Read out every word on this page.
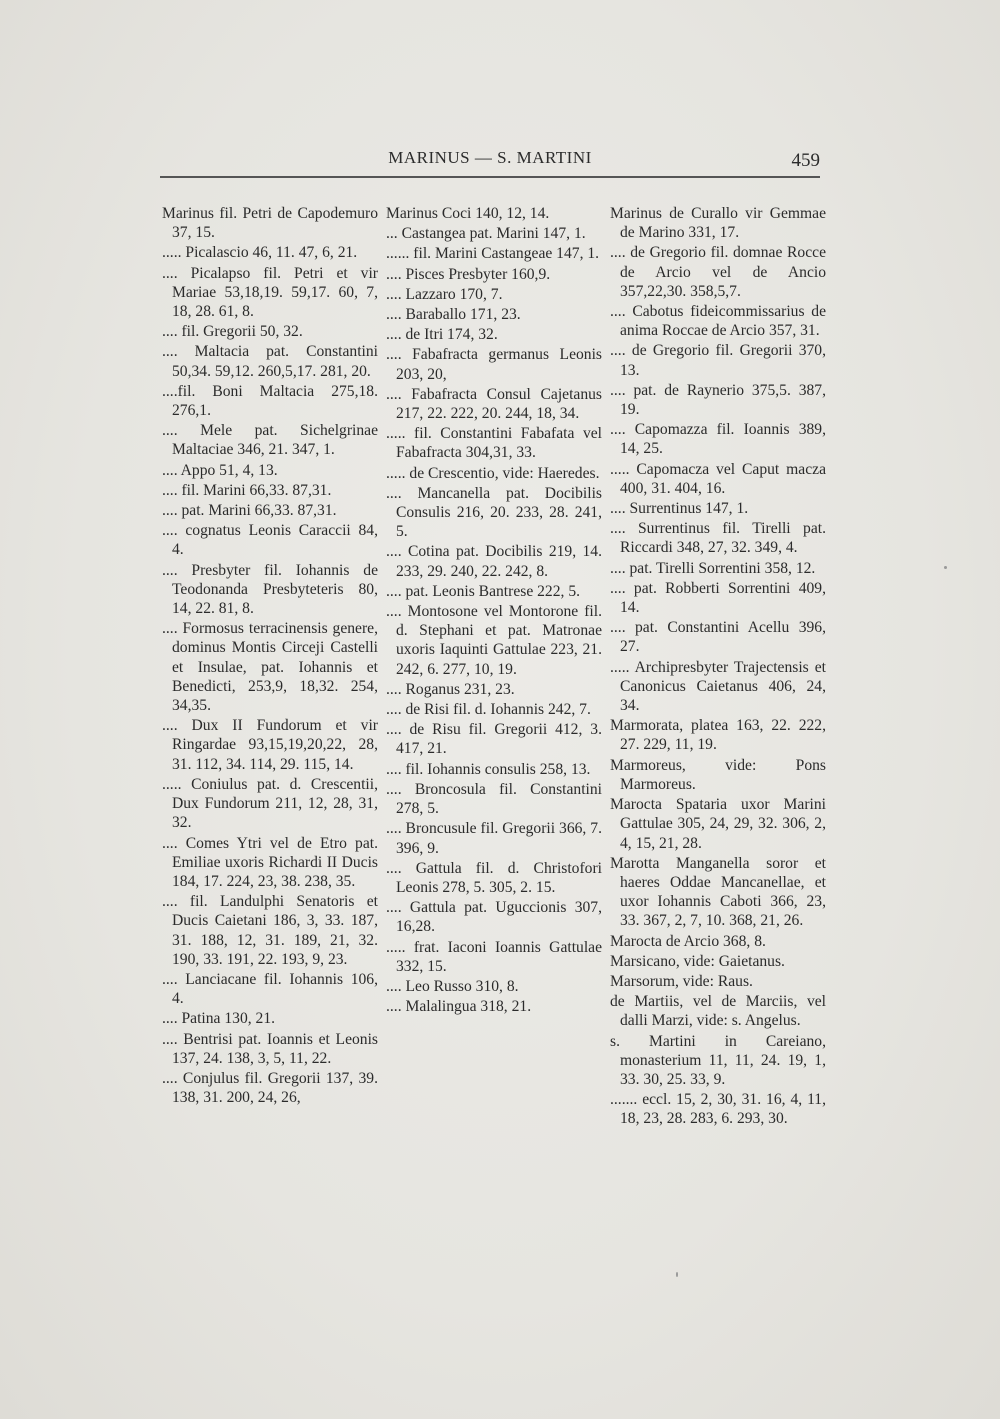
MARINUS — S. MARTINI	459
Marinus fil. Petri de Capodemuro 37, 15.
..... Picalascio 46, 11. 47, 6, 21.
.... Picalapso fil. Petri et vir Mariae 53,18,19. 59,17. 60, 7, 18, 28. 61, 8.
.... fil. Gregorii 50, 32.
.... Maltacia pat. Constantini 50,34. 59,12. 260,5,17. 281, 20.
....fil. Boni Maltacia 275,18. 276,1.
.... Mele pat. Sichelgrinae Maltaciae 346, 21. 347, 1.
.... Appo 51, 4, 13.
.... fil. Marini 66,33. 87,31.
.... pat. Marini 66,33. 87,31.
.... cognatus Leonis Caraccii 84, 4.
.... Presbyter fil. Iohannis de Teodonanda Presbyteteris 80, 14, 22. 81, 8.
.... Formosus terracinensis genere, dominus Montis Circeji Castelli et Insulae, pat. Iohannis et Benedicti, 253,9, 18,32. 254, 34,35.
.... Dux II Fundorum et vir Ringardae 93,15,19,20,22, 28, 31. 112, 34. 114, 29. 115, 14.
..... Coniulus pat. d. Crescentii, Dux Fundorum 211, 12, 28, 31, 32.
.... Comes Ytri vel de Etro pat. Emiliae uxoris Richardi II Ducis 184, 17. 224, 23, 38. 238, 35.
.... fil. Landulphi Senatoris et Ducis Caietani 186, 3, 33. 187, 31. 188, 12, 31. 189, 21, 32. 190, 33. 191, 22. 193, 9, 23.
.... Lanciacane fil. Iohannis 106, 4.
.... Patina 130, 21.
.... Bentrisi pat. Ioannis et Leonis 137, 24. 138, 3, 5, 11, 22.
.... Conjulus fil. Gregorii 137, 39. 138, 31. 200, 24, 26,
Marinus Coci 140, 12, 14.
... Castangea pat. Marini 147, 1.
...... fil. Marini Castangeae 147, 1.
.... Pisces Presbyter 160,9.
.... Lazzaro 170, 7.
.... Baraballo 171, 23.
.... de Itri 174, 32.
.... Fabafracta germanus Leonis 203, 20,
.... Fabafracta Consul Cajetanus 217, 22. 222, 20. 244, 18, 34.
..... fil. Constantini Fabafata vel Fabafracta 304,31, 33.
..... de Crescentio, vide: Haeredes.
.... Mancanella pat. Docibilis Consulis 216, 20. 233, 28. 241, 5.
.... Cotina pat. Docibilis 219, 14. 233, 29. 240, 22. 242, 8.
.... pat. Leonis Bantrese 222, 5.
.... Montosone vel Montorone fil. d. Stephani et pat. Matronae uxoris Iaquinti Gattulae 223, 21. 242, 6. 277, 10, 19.
.... Roganus 231, 23.
.... de Risi fil. d. Iohannis 242, 7.
.... de Risu fil. Gregorii 412, 3. 417, 21.
.... fil. Iohannis consulis 258, 13.
.... Broncosula fil. Constantini 278, 5.
.... Broncusule fil. Gregorii 366, 7. 396, 9.
.... Gattula fil. d. Christofori Leonis 278, 5. 305, 2. 15.
.... Gattula pat. Uguccionis 307, 16,28.
..... frat. Iaconi Ioannis Gattulae 332, 15.
.... Leo Russo 310, 8.
.... Malalingua 318, 21.
Marinus de Curallo vir Gemmae de Marino 331, 17.
.... de Gregorio fil. domnae Rocce de Arcio vel de Ancio 357,22,30. 358,5,7.
.... Cabotus fideicommissarius de anima Roccae de Arcio 357, 31.
.... de Gregorio fil. Gregorii 370, 13.
.... pat. de Raynerio 375,5. 387, 19.
.... Capomazza fil. Ioannis 389, 14, 25.
..... Capomaсza vel Caput macza 400, 31. 404, 16.
.... Surrentinus 147, 1.
.... Surrentinus fil. Tirelli pat. Riccardi 348, 27, 32. 349, 4.
.... pat. Tirelli Sorrentini 358, 12.
.... pat. Robberti Sorrentini 409, 14.
.... pat. Constantini Acellu 396, 27.
..... Archipresbyter Trajectensis et Canonicus Caietanus 406, 24, 34.
Marmorata, platea 163, 22. 222, 27. 229, 11, 19.
Marmoreus, vide: Pons Marmoreus.
Marocta Spataria uxor Marini Gattulae 305, 24, 29, 32. 306, 2, 4, 15, 21, 28.
Marotta Manganella soror et haeres Oddae Mancanellae, et uxor Iohannis Caboti 366, 23, 33. 367, 2, 7, 10. 368, 21, 26.
Marocta de Arcio 368, 8.
Marsicano, vide: Gaietanus.
Marsorum, vide: Raus.
de Martiis, vel de Marciis, vel dalli Marzi, vide: s. Angelus.
s. Martini in Careiano, monasterium 11, 11, 24. 19, 1, 33. 30, 25. 33, 9.
....... eccl. 15, 2, 30, 31. 16, 4, 11, 18, 23, 28. 283, 6. 293, 30.
